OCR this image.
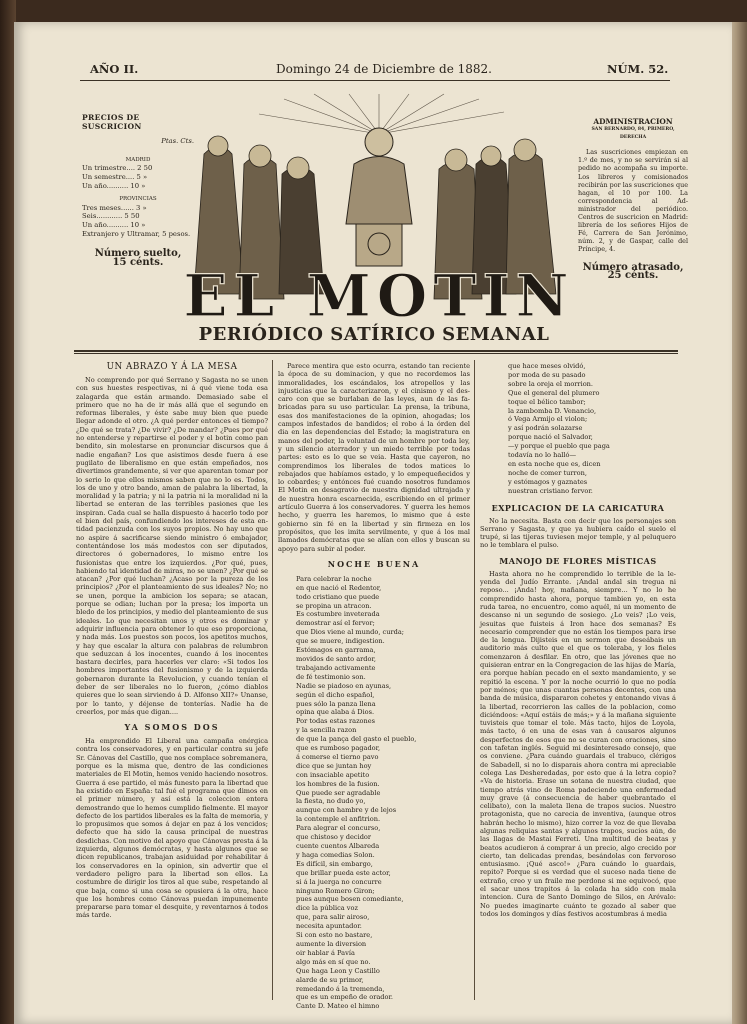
AÑO II.	Domingo 24 de Diciembre de 1882.	NÚM. 52.
PRECIOS DE SUSCRICION
Ptas. Cts.
MADRID
Un trimestre.... 2 50
Un semestre.... 5 »
Un año.......... 10 »
PROVINCIAS
Tres meses...... 3 »
Seis............ 5 50
Un año.......... 10 »
Extranjero y Ultramar, 5 pesos.
Número suelto,
15 cénts. EL MOTIN
ADMINISTRACION
SAN BERNARDO, 84, PRIMERO, DERECHA
Las suscriciones empiezan en 1.º de mes, y no se servirán si al pedido no acompaña su importe. Los libreros y comisionados recibirán por las suscriciones que hagan, el 10 por 100. La correspondencia al Administrador del periódico. Centros de suscricion en Madrid: librería de los señores Hijos de Fé, Carrera de San Jerónimo, núm. 2, y de Gaspar, calle del Príncipe, 4.
Número atrasado,
25 cénts.
PERIÓDICO SATÍRICO SEMANAL
UN ABRAZO Y Á LA MESA
No comprendo por qué Serrano y Sagasta no se unen con sus huestes respectivas, ni á qué viene toda esa zalagarda que están armando. Demasiado sabe el primero que no ha de ir más allá que el segundo en reformas liberales, y éste sabe muy bien que puede llegar adonde el otro. ¿A qué perder entonces el tiempo? ¿De qué se trata? ¿De vivir? ¿De mandar? ¿Pues por qué no entenderse y repartirse el poder y el botin como pan bendito, sin molestarse en pronunciar discursos que á nadie engañan? Los que asistimos desde fuera á ese pugilato de liberalismo en que están empeñados, nos divertimos grandemente, si ver que aparentan tomar por lo serio lo que ellos mismos saben que no lo es. Todos, los de uno y otro bando, aman de palabra la libertad, la moralidad y la patria; y ni la patria ni la moralidad ni la libertad se enteran de las terribles pasiones que les inspiran. Cada cual se halla dispuesto á hacerlo todo por el bien del país, confundiendo los intereses de esta entidad pacienzuda con los suyos propios. No hay uno que no aspire á sacrificarse siendo ministro ó embajador, contentándose los más modestos con ser diputados, directores ó gobernadores, lo mismo entre los fusionistas que entre los izquierdos. ¿Por qué, pues, habiendo tal identidad de miras, no se unen? ¿Por qué se atacan? ¿Por qué luchan? ¿Acaso por la pureza de los principios? ¿Por el planteamiento de sus ideales? No; no se unen, porque la ambicion los separa; se atacan, porque se odian; luchan por la presa; los importa un bledo de los principios, y medio del planteamiento de sus ideales. Lo que necesitan unos y otros es dominar y adquirir influencia para obtener lo que eso proporciona, y nada más. Los puestos son pocos, los apetitos muchos, y hay que escalar la altura con palabras de relumbron que seduzcan á los inocentes, cuando á los inocentes bastara decirles, para hacerles ver claro: «Si todos los hombres importantes del fusionismo y de la izquierda gobernaron durante la Revolucion, y cuando tenían el deber de ser liberales no lo fueron, ¿cómo diablos quieres que lo sean sirviendo á D. Alfonso XII?» Unanse, por lo tanto, y déjense de tonterías. Nadie ha de creerlos, por más que digan....
YA SOMOS DOS
Ha emprendido El Liberal una campaña enérgica contra los conservadores, y en particular contra su jefe Sr. Cánovas del Castillo, que nos complace sobremanera, porque es la misma que, dentro de las condiciones materiales de El Motin, hemos venido haciendo nosotros. Guerra á ese partido, el más funesto para la libertad que ha existido en España: tal fué el programa que dimos en el primer número, y así está la coleccion entera demostrando que lo hemos cumplido fielmente. El mayor defecto de los partidos liberales es la falta de memoria, y lo propusimos que somos á dejar en paz á los vencidos; defecto que ha sido la causa principal de nuestras desdichas. Con motivo del apoyo que Cánovas presta á la izquierda, algunos demócratas, y hasta algunos que se dicen republicanos, trabajan asiduidad por rehabilitar á los conservadores en la opinion, sin advertir que el verdadero peligro para la libertad son ellos. La costumbre de dirigir los tiros al que sube, respetando al que baja, como si una cosa se opusiera á la otra, hace que los hombres como Cánovas puedan impunemente prepararse para tomar el desquite, y reventarnos á todos más tarde.
Parece mentira que esto ocurra, estando tan reciente la época de su dominacion, y que no recordemos las inmoralidades, los escándalos, los atropellos y las injusticias que la caracterizaron, y el cinismo y el descaro con que se burlaban de las leyes, aun de las fabricadas para su uso particular. La prensa, la tribuna, esas dos manifestaciones de la opinion, ahogadas; los campos infestados de bandidos; el robo á la órden del dia en las dependencias del Estado; la magistratura en manos del poder, la voluntad de un hombre por toda ley, y un silencio aterrador y un miedo terrible por todas partes: esto es lo que se veia. Hasta que cayeron, no comprendimos los liberales de todos matices lo rebajados que habíamos estado, y lo empequeñecidos y lo cobardes; y entónces fué cuando nosotros fundamos El Motin en desagravio de nuestra dignidad ultrajada y de nuestra honra escarnecida, escribiendo en el primer artículo Guerra á los conservadores. Y guerra les hemos hecho, y guerra les haremos, lo mismo que á este gobierno sin fé en la libertad y sin firmeza en los propósitos, que les imita servilmente, y que á los mal llamados demócratas que se alían con ellos y buscan su apoyo para subir al poder.
NOCHE BUENA
Para celebrar la noche
en que nació el Redentor,
todo cristiano que puede
se propina un atracon.
Es costumbre inveterada
demostrar así el fervor;
que Dios viene al mundo, curda;
que se muere, indigestion.
Estómagos en garrama,
movidos de santo ardor,
trabajando activamente
de fé testimonio son.
Nadie se piadoso en ayunas,
según el dicho español,
pues sólo la panza llena
opina que alaba á Dios.
Por todas estas razones
y la sencilla razon
de que la pança del gasto el pueblo,
que es rumboso pagador,
á comerse el tierno pavo
dice que se juntan hoy
con insaciable apetito
los hombres de la fusion.
Que puede ser agradable
la fiesta, no dudo yo,
aunque con hambre y de lejos
la contemple el anfitrion.
Para alegrar el concurso,
que chistoso y decidor
cuente cuentos Albareda
y haga comedias Solon.
Es difícil, sin embargo,
que brillar pueda este actor,
si á la juerga no concurre
ninguno Romero Giron;
pues aunque bosen comediante,
dice la pública voz
que, para salir airoso,
necesita apuntador.
Si con esto no bastare,
aumente la diversion
oir hablar á Pavía
algo más en sí que no.
Que haga Leon y Castillo
alarde de su primor,
remedando á la tremenda,
que es un empeño de orador.
Cante D. Mateo el himno
que hace meses olvidó,
por moda de su pasado
sobre la oreja el morrion.
Que el general del plumero
toque el bélico tambor;
la zambomba D. Venancio,
ó Vega Armijo el violon;
y así podrán solazarse
porque nació el Salvador,
—y porque el pueblo que paga
todavía no lo halló—
en esta noche que es, dicen
noche de comer turron,
y estómagos y gaznates
nuestran cristiano fervor.
EXPLICACION DE LA CARICATURA
No la necesita. Basta con decir que los personajes son Serrano y Sagasta, y que ya hubiera caído el suelo el trupé, si las tijeras tuviesen mejor temple, y al peluquero no le temblara el pulso.
MANOJO DE FLORES MÍSTICAS
Hasta ahora no he comprendido lo terrible de la leyenda del Judío Errante. ¡Andal andal sin tregua ni reposo... ¡Anda! hoy, mañana, siempre... Y no lo he comprendido hasta ahora, porque tambien yo, en esta ruda tarea, no encuentro, como aquél, ni un momento de descanso ni un segundo de sosiego. ¿Lo veis? ¡Lo veis, jesuitas que fuisteis á Iron hace dos semanas? Es necesario comprender que no están los tiempos para irse de la lengua. Dijisteis en un sermon que deseábais un auditorio más culto que el que os toleraba, y los fieles comenzaron á desfilar. En otro, que las jóvenes que no quisieran entrar en la Congregacion de las hijas de María, era porque habían pecado en el sexto mandamiento, y se repitió la escena. Y por la noche ocurrió lo que no podía por ménos; que unas cuantas personas decentes, con una banda de música, dispararon cohetes y entonando vivas á la libertad, recorrieron las calles de la poblacion, como diciéndoos: «Aquí estáis de más;» y á la mañana siguiente tuvisteis que tomar el tole. Más tacto, hijos de Loyola, más tacto, ó en una de esas van á causaros algunos desperfectos de esos que no se curan con oraciones, sino con tafetan inglés. Seguid mi desinteresado consejo, que os conviene. ¿Para cuándo guardais el trabuco, clérigos de Sabadell, si no lo disparais ahora contra mi apreciable colega Las Desheredadas, por esto que á la letra copio? «Va de historia. Erase un sotana de nuestra ciudad, que tiempo atrás vino de Roma padeciendo una enfermedad muy grave (á consecuencia de haber quebrantado el celibato), con la maleta llena de trapos sucios. Nuestro protagonista, que no carecia de inventiva, (aunque otros habrán hecho lo mismo), hizo correr la voz de que llevaba algunas reliquias santas y algunos trapos, sucios aún, de las llagas de Mastai Ferreti. Una multitud de beatas y beatos acudieron á comprar á un precio, algo crecido por cierto, tan delicadas prendas, besándolas con fervoroso entusiasmo. ¡Qué asco!» ¿Para cuándo lo guardais, repito? Porque si es verdad que el suceso nada tiene de extraño, creo y un fraile me perdone si me equivocó, que el sacar unos trapitos á la colada ha sido con mala intencion. Cura de Santo Domingo de Silos, en Arévalo: No puedes imaginarte cuánto te gozado al saber que todos los domingos y días festivos acostumbras á media
